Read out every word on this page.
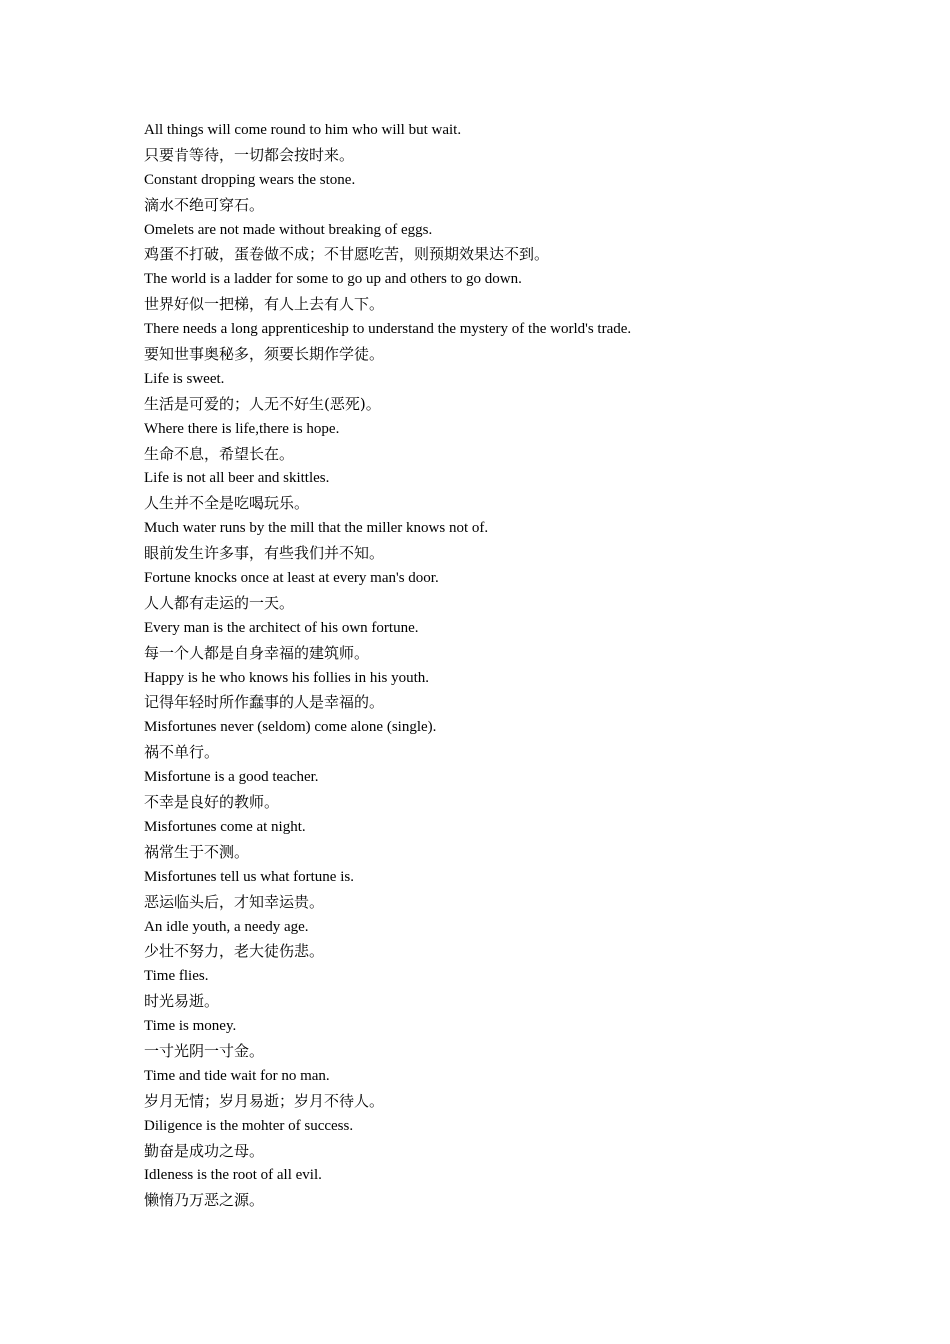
All things will come round to him who will but wait.
只要肯等待，一切都会按时来。
Constant dropping wears the stone.
滴水不绝可穿石。
Omelets are not made without breaking of eggs.
鸡蛋不打破，蛋卷做不成；不甘愿吃苦，则预期效果达不到。
The world is a ladder for some to go up and others to go down.
世界好似一把梯，有人上去有人下。
There needs a long apprenticeship to understand the mystery of the world's trade.
要知世事奥秘多，须要长期作学徒。
Life is sweet.
生活是可爱的；人无不好生(恶死)。
Where there is life,there is hope.
生命不息，希望长在。
Life is not all beer and skittles.
人生并不全是吃喝玩乐。
Much water runs by the mill that the miller knows not of.
眼前发生许多事，有些我们并不知。
Fortune knocks once at least at every man's door.
人人都有走运的一天。
Every man is the architect of his own fortune.
每一个人都是自身幸福的建筑师。
Happy is he who knows his follies in his youth.
记得年轻时所作蠢事的人是幸福的。
Misfortunes never (seldom) come alone (single).
祸不单行。
Misfortune is a good teacher.
不幸是良好的教师。
Misfortunes come at night.
祸常生于不测。
Misfortunes tell us what fortune is.
恶运临头后，才知幸运贵。
An idle youth, a needy age.
少壮不努力，老大徒伤悲。
Time flies.
时光易逝。
Time is money.
一寸光阴一寸金。
Time and tide wait for no man.
岁月无情；岁月易逝；岁月不待人。
Diligence is the mohter of success.
勤奋是成功之母。
Idleness is the root of all evil.
懒惰乃万恶之源。
